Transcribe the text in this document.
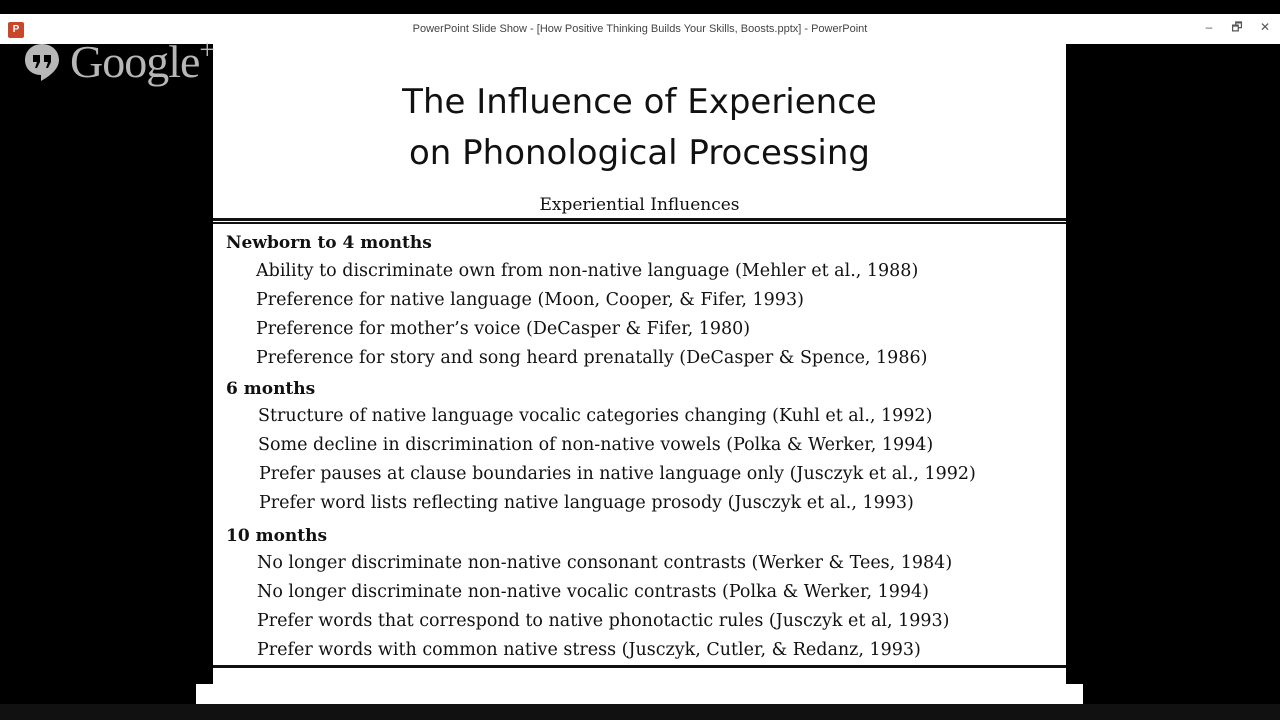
P	PowerPoint Slide Show - [How Positive Thinking Builds Your Skills, Boosts.pptx] - PowerPoint	–	🗗 ✕
The Influence of Experience
on Phonological Processing
Experiential Influences
Newborn to 4 months
Ability to discriminate own from non-native language (Mehler et al., 1988)
Preference for native language (Moon, Cooper, & Fifer, 1993)
Preference for mother’s voice (DeCasper & Fifer, 1980)
Preference for story and song heard prenatally (DeCasper & Spence, 1986)
6 months
Structure of native language vocalic categories changing (Kuhl et al., 1992)
Some decline in discrimination of non-native vowels (Polka & Werker, 1994)
Prefer pauses at clause boundaries in native language only (Jusczyk et al., 1992)
Prefer word lists reflecting native language prosody (Jusczyk et al., 1993)
10 months
No longer discriminate non-native consonant contrasts (Werker & Tees, 1984)
No longer discriminate non-native vocalic contrasts (Polka & Werker, 1994)
Prefer words that correspond to native phonotactic rules (Jusczyk et al, 1993)
Prefer words with common native stress (Jusczyk, Cutler, & Redanz, 1993)
Google+
